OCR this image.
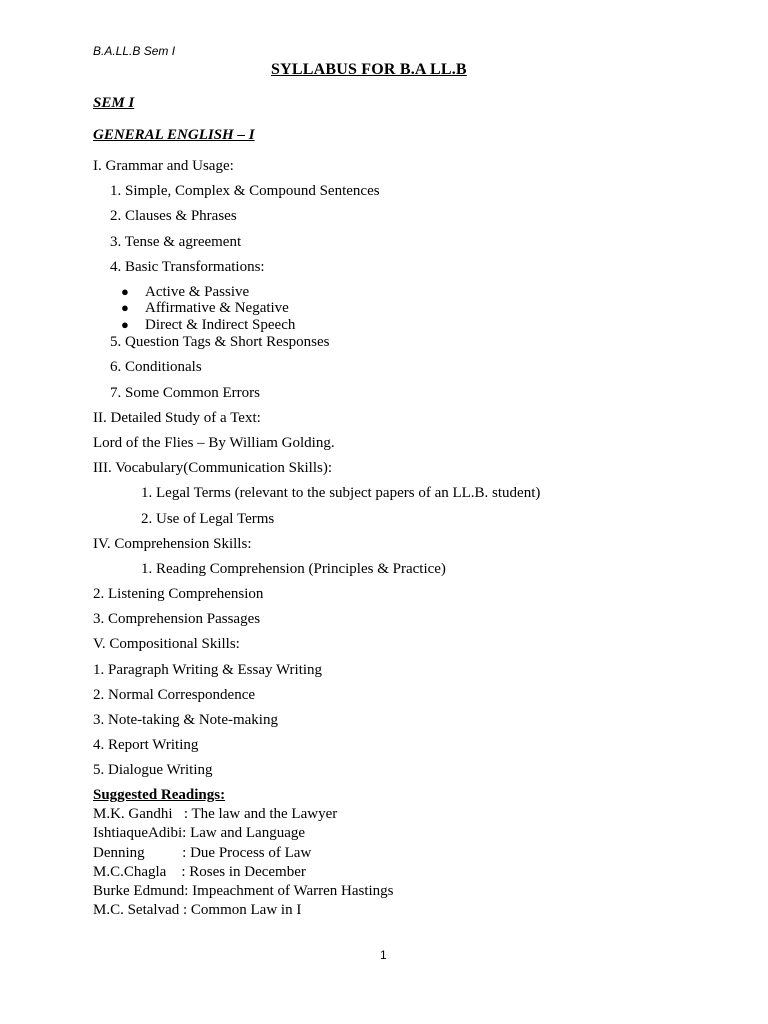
B.A.LL.B Sem I
SYLLABUS FOR B.A LL.B
SEM I
GENERAL ENGLISH – I
I. Grammar and Usage:
1. Simple, Complex & Compound Sentences
2. Clauses & Phrases
3. Tense & agreement
4. Basic Transformations:
● Active & Passive
● Affirmative & Negative
● Direct & Indirect Speech
5. Question Tags & Short Responses
6. Conditionals
7. Some Common Errors
II. Detailed Study of a Text:
Lord of the Flies – By William Golding.
III. Vocabulary(Communication Skills):
1. Legal Terms (relevant to the subject papers of an LL.B. student)
2. Use of Legal Terms
IV. Comprehension Skills:
1. Reading Comprehension (Principles & Practice)
2. Listening Comprehension
3. Comprehension Passages
V. Compositional Skills:
1. Paragraph Writing & Essay Writing
2. Normal Correspondence
3. Note-taking & Note-making
4. Report Writing
5. Dialogue Writing
Suggested Readings:
M.K. Gandhi   : The law and the Lawyer
IshtiaqueAdibi: Law and Language
Denning          : Due Process of Law
M.C.Chagla    : Roses in December
Burke Edmund: Impeachment of Warren Hastings
M.C. Setalvad : Common Law in I
1
